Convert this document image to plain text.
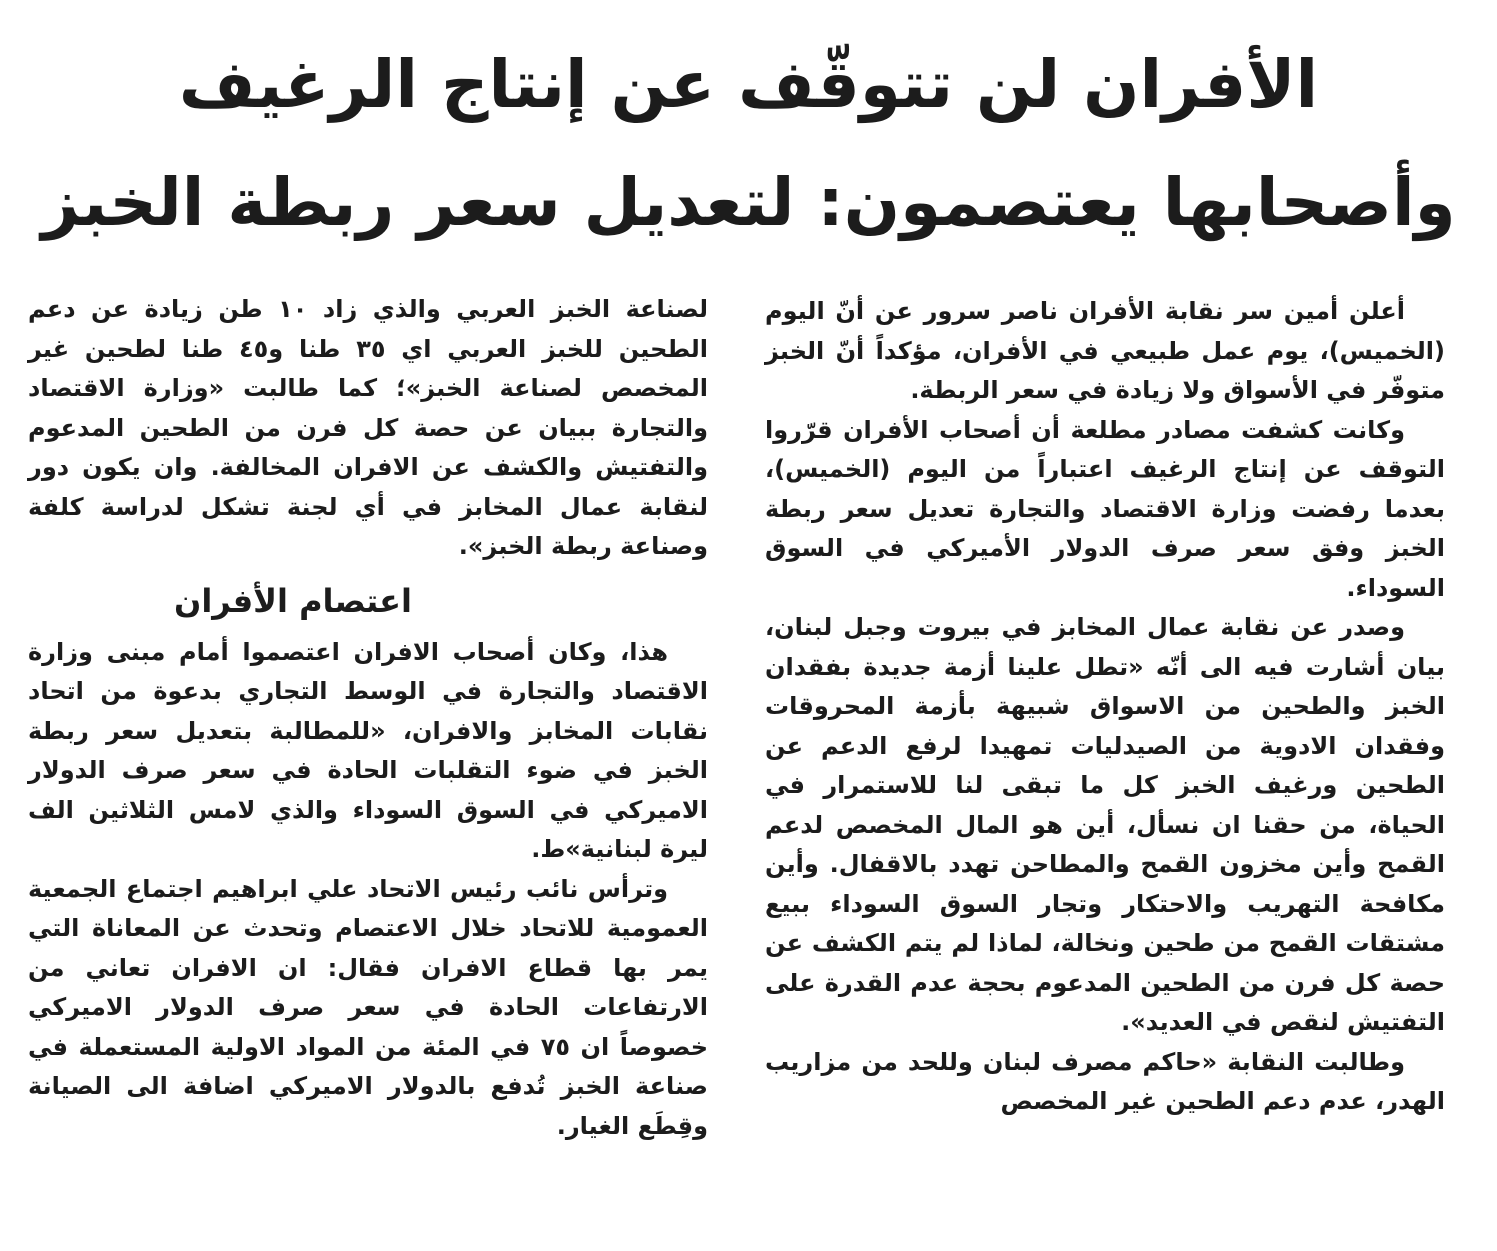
الأفران لن تتوقّف عن إنتاج الرغيف
وأصحابها يعتصمون: لتعديل سعر ربطة الخبز

أعلن أمين سر نقابة الأفران ناصر سرور عن أنّ اليوم (الخميس)، يوم عمل طبيعي في الأفران، مؤكداً أنّ الخبز متوفّر في الأسواق ولا زيادة في سعر الربطة.

وكانت كشفت مصادر مطلعة أن أصحاب الأفران قرّروا التوقف عن إنتاج الرغيف اعتباراً من اليوم (الخميس)، بعدما رفضت وزارة الاقتصاد والتجارة تعديل سعر ربطة الخبز وفق سعر صرف الدولار الأميركي في السوق السوداء.

وصدر عن نقابة عمال المخابز في بيروت وجبل لبنان، بيان أشارت فيه الى أنّه «تطل علينا أزمة جديدة بفقدان الخبز والطحين من الاسواق شبيهة بأزمة المحروقات وفقدان الادوية من الصيدليات تمهيدا لرفع الدعم عن الطحين ورغيف الخبز كل ما تبقى لنا للاستمرار في الحياة، من حقنا ان نسأل، أين هو المال المخصص لدعم القمح وأين مخزون القمح والمطاحن تهدد بالاقفال. وأين مكافحة التهريب والاحتكار وتجار السوق السوداء ببيع مشتقات القمح من طحين ونخالة، لماذا لم يتم الكشف عن حصة كل فرن من الطحين المدعوم بحجة عدم القدرة على التفتيش لنقص في العديد».

وطالبت النقابة «حاكم مصرف لبنان وللحد من مزاريب الهدر، عدم دعم الطحين غير المخصص

لصناعة الخبز العربي والذي زاد ١٠ طن زيادة عن دعم الطحين للخبز العربي اي ٣٥ طنا و٤٥ طنا لطحين غير المخصص لصناعة الخبز»؛ كما طالبت «وزارة الاقتصاد والتجارة ببيان عن حصة كل فرن من الطحين المدعوم والتفتيش والكشف عن الافران المخالفة. وان يكون دور لنقابة عمال المخابز في أي لجنة تشكل لدراسة كلفة وصناعة ربطة الخبز».

اعتصام الأفران

هذا، وكان أصحاب الافران اعتصموا أمام مبنى وزارة الاقتصاد والتجارة في الوسط التجاري بدعوة من اتحاد نقابات المخابز والافران، «للمطالبة بتعديل سعر ربطة الخبز في ضوء التقلبات الحادة في سعر صرف الدولار الاميركي في السوق السوداء والذي لامس الثلاثين الف ليرة لبنانية»ط.

وترأس نائب رئيس الاتحاد علي ابراهيم اجتماع الجمعية العمومية للاتحاد خلال الاعتصام وتحدث عن المعاناة التي يمر بها قطاع الافران فقال: ان الافران تعاني من الارتفاعات الحادة في سعر صرف الدولار الاميركي خصوصاً ان ٧٥ في المئة من المواد الاولية المستعملة في صناعة الخبز تُدفع بالدولار الاميركي اضافة الى الصيانة وقِطَع الغيار.
